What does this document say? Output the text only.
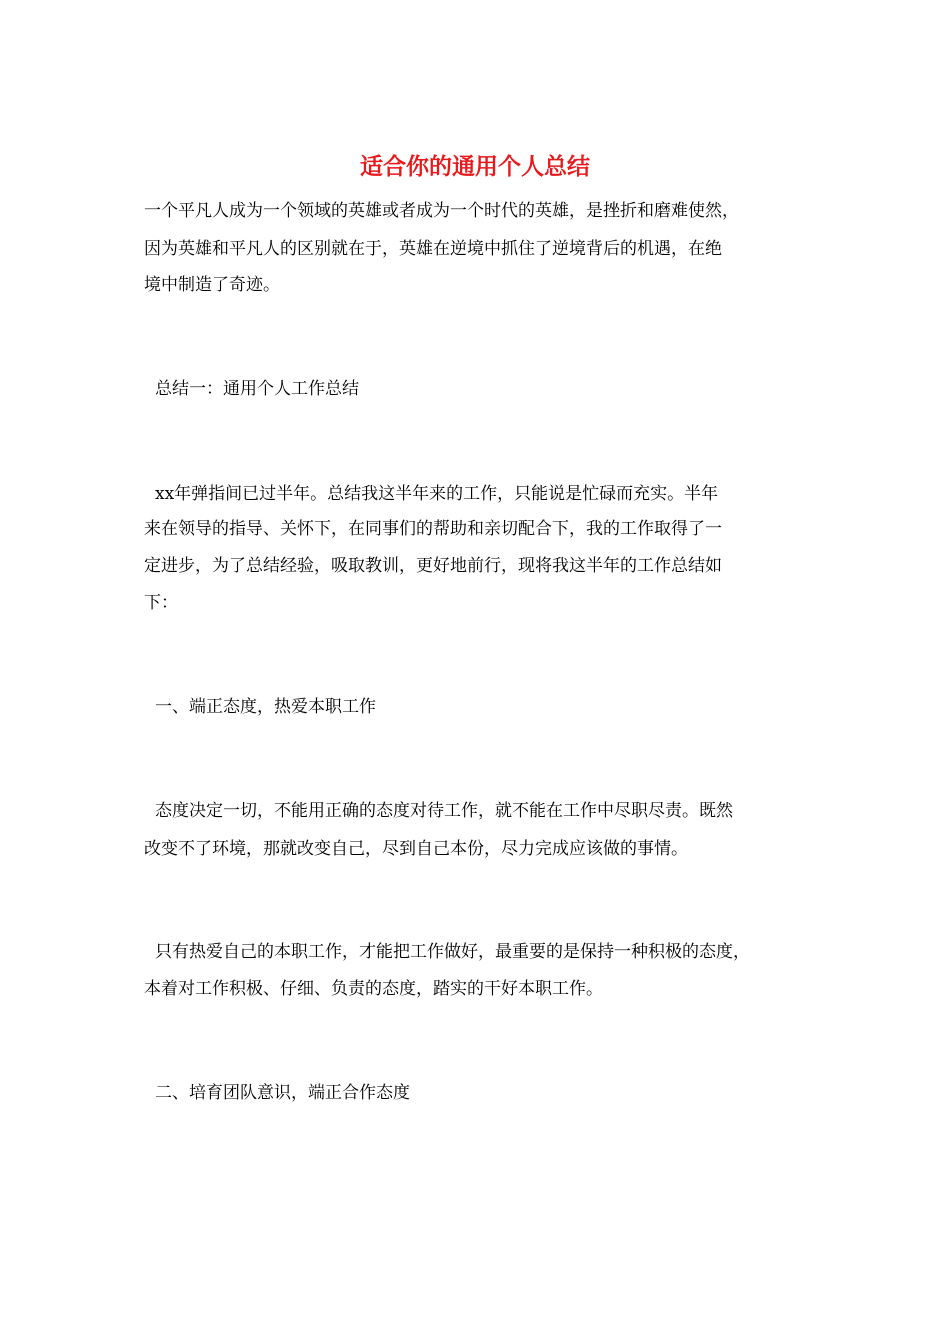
适合你的通用个人总结
一个平凡人成为一个领域的英雄或者成为一个时代的英雄，是挫折和磨难使然，
因为英雄和平凡人的区别就在于，英雄在逆境中抓住了逆境背后的机遇，在绝
境中制造了奇迹。
总结一：通用个人工作总结
xx年弹指间已过半年。总结我这半年来的工作，只能说是忙碌而充实。半年
来在领导的指导、关怀下，在同事们的帮助和亲切配合下，我的工作取得了一
定进步，为了总结经验，吸取教训，更好地前行，现将我这半年的工作总结如
下：
一、端正态度，热爱本职工作
态度决定一切，不能用正确的态度对待工作，就不能在工作中尽职尽责。既然
改变不了环境，那就改变自己，尽到自己本份，尽力完成应该做的事情。
只有热爱自己的本职工作，才能把工作做好，最重要的是保持一种积极的态度，
本着对工作积极、仔细、负责的态度，踏实的干好本职工作。
二、培育团队意识，端正合作态度
